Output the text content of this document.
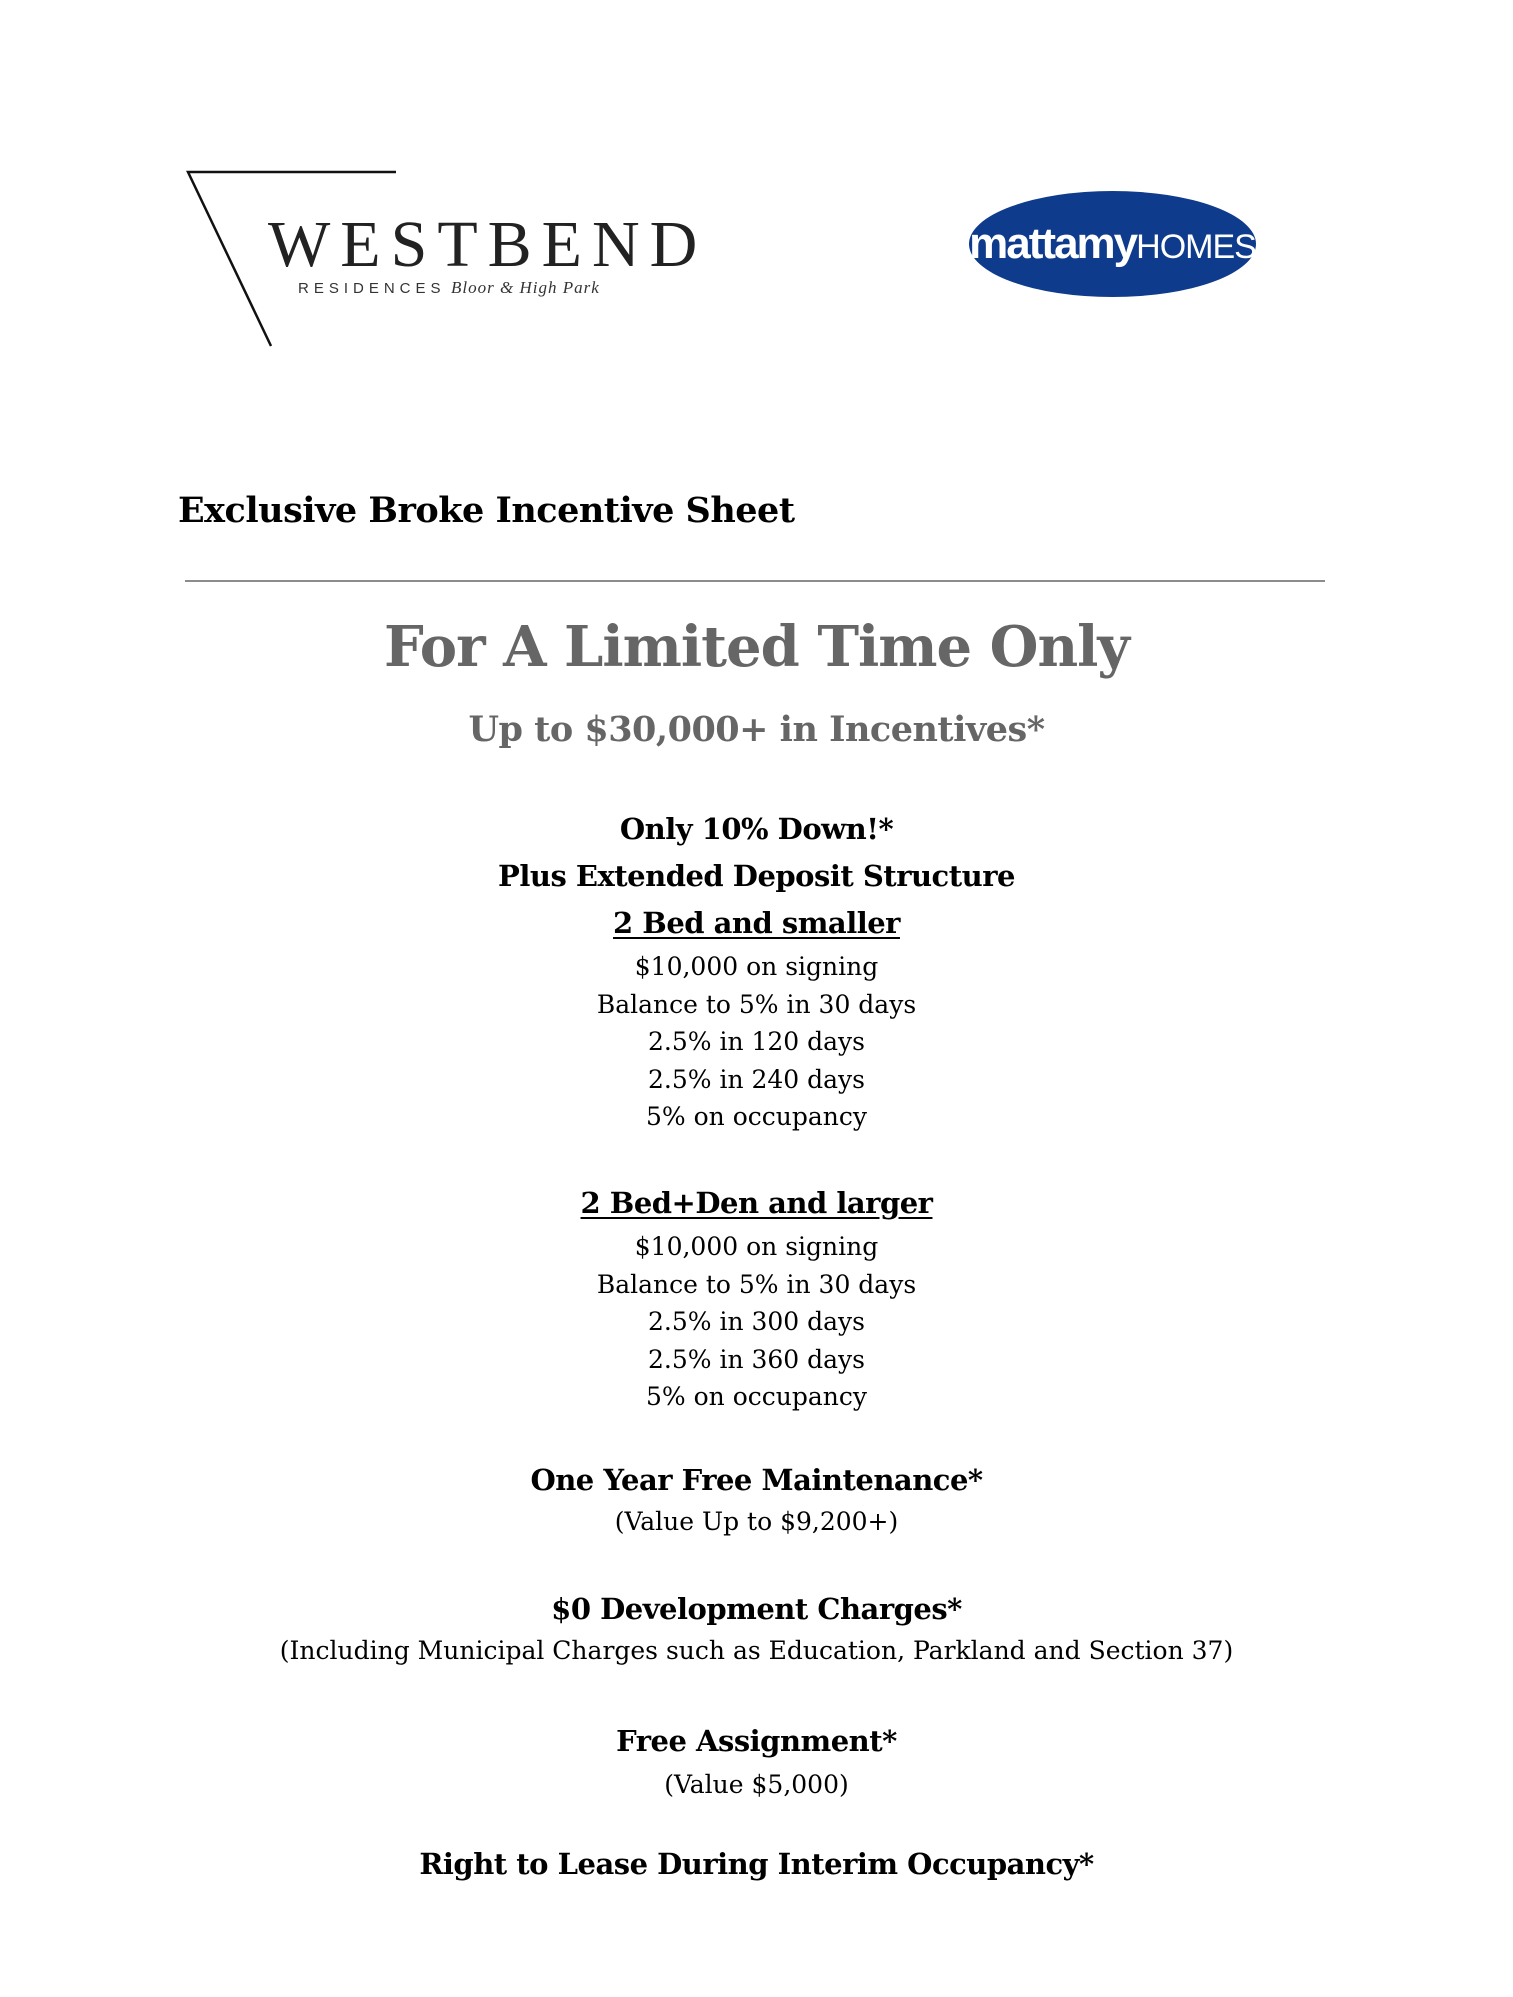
WESTBEND
RESIDENCES Bloor & High Park
mattamyHOMES
Exclusive Broke Incentive Sheet
For A Limited Time Only
Up to $30,000+ in Incentives*
Only 10% Down!*
Plus Extended Deposit Structure
2 Bed and smaller
$10,000 on signing
Balance to 5% in 30 days
2.5% in 120 days
2.5% in 240 days
5% on occupancy
2 Bed+Den and larger
$10,000 on signing
Balance to 5% in 30 days
2.5% in 300 days
2.5% in 360 days
5% on occupancy
One Year Free Maintenance*
(Value Up to $9,200+)
$0 Development Charges*
(Including Municipal Charges such as Education, Parkland and Section 37)
Free Assignment*
(Value $5,000)
Right to Lease During Interim Occupancy*
